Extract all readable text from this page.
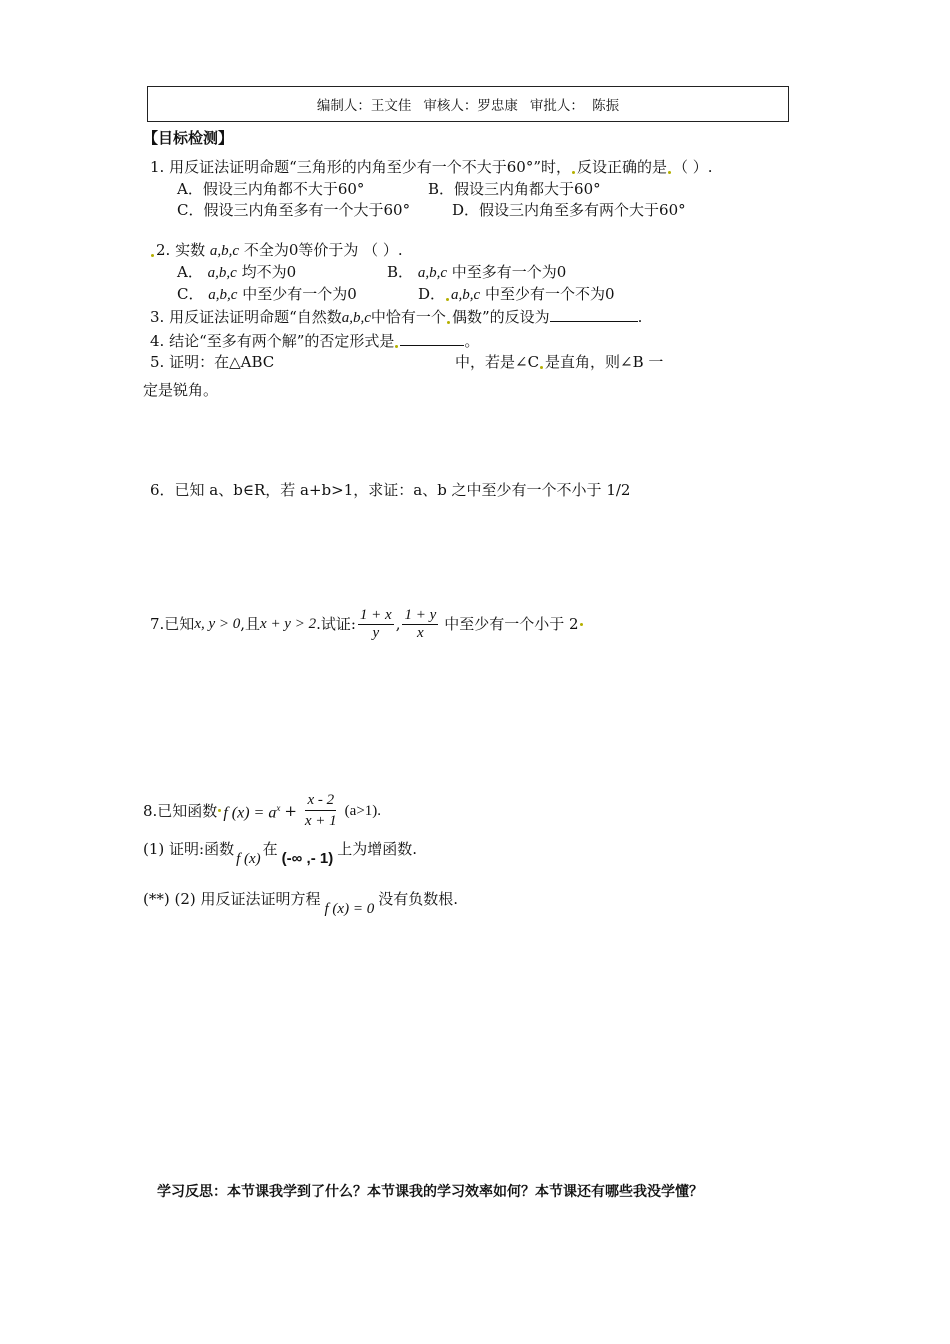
编制人：王文佳 审核人：罗忠康 审批人： 陈振
【目标检测】
1. 用反证法证明命题“三角形的内角至少有一个不大于60°”时， 反设正确的是 （ ）.
A．假设三内角都不大于60°	B．假设三内角都大于60°
C．假设三内角至多有一个大于60°	D．假设三内角至多有两个大于60°
2. 实数 a,b,c 不全为0等价于为 （ ）.
A． a,b,c 均不为0	B． a,b,c 中至多有一个为0
C． a,b,c 中至少有一个为0	D． a,b,c 中至少有一个不为0
3. 用反证法证明命题“自然数a,b,c中恰有一个 偶数”的反设为	.
4. 结论“至多有两个解”的否定形式是	。
5. 证明：在△ABC	中，若是∠C 是直角，则∠B 一
定是锐角。
6．已知 a、b∈R，若 a+b>1，求证：a、b 之中至少有一个不小于 1/2
7.已知 x, y > 0 ,且 x + y > 2 .试证: $\frac{1 + x}{y}$ , $\frac{1 + y}{x}$ 中至少有一个小于 2
8.已知函数 f $(x) = a^x + \frac{x - 2}{x + 1} (a>1)$.
(1) 证明:函数
f (x)
在
(-∞ ,- 1)
上为增函数.
(**) (2) 用反证法证明方程
f (x) = 0
没有负数根.
学习反思：本节课我学到了什么？本节课我的学习效率如何？本节课还有哪些我没学懂？
